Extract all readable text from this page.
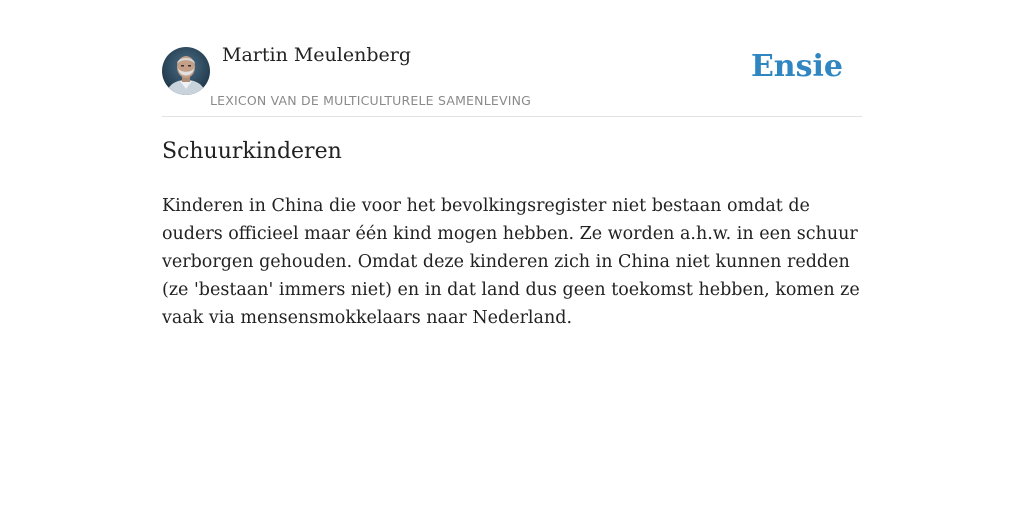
Martin Meulenberg
LEXICON VAN DE MULTICULTURELE SAMENLEVING
Ensie
Schuurkinderen

Kinderen in China die voor het bevolkingsregister niet bestaan omdat de ouders officieel maar één kind mogen hebben. Ze worden a.h.w. in een schuur verborgen gehouden. Omdat deze kinderen zich in China niet kunnen redden (ze 'bestaan' immers niet) en in dat land dus geen toekomst hebben, komen ze vaak via mensensmokkelaars naar Nederland.
